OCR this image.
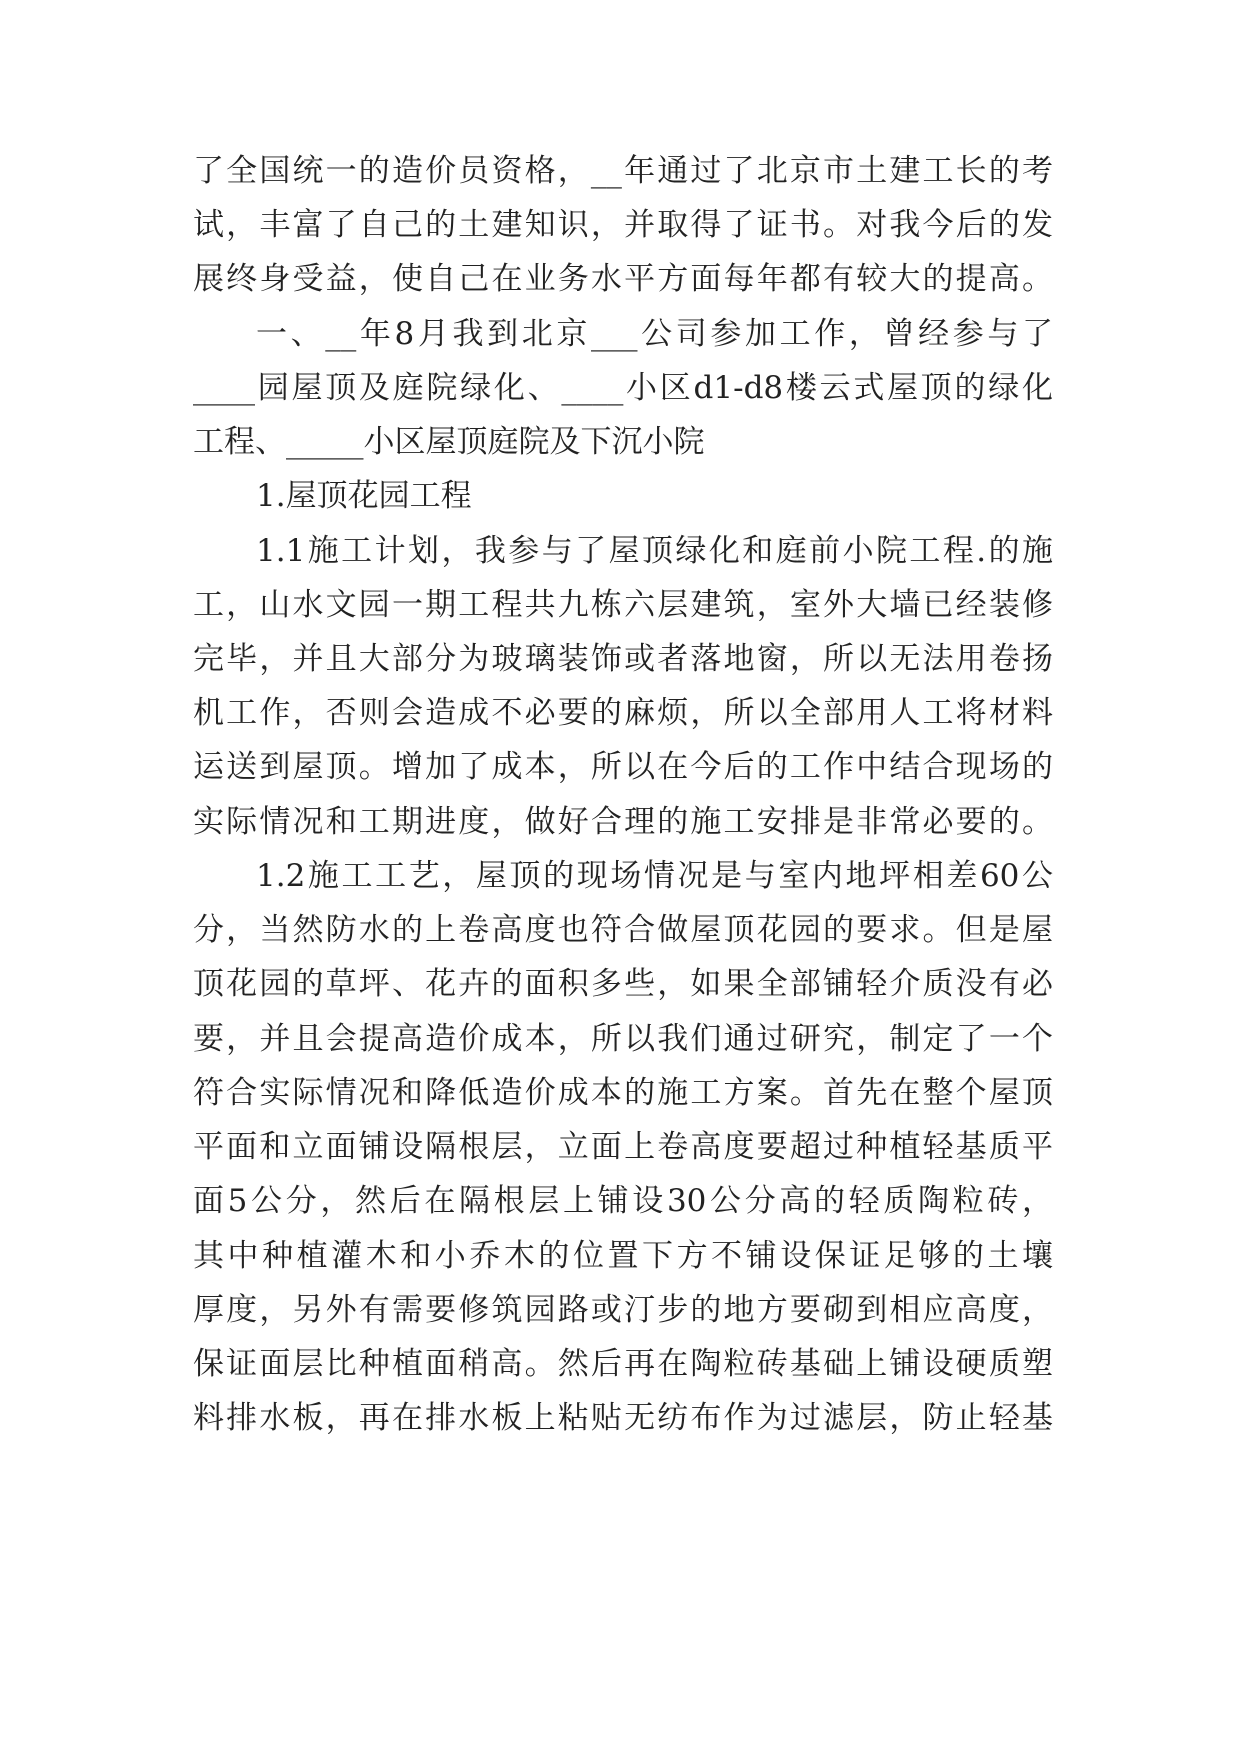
了全国统一的造价员资格，__年通过了北京市土建工长的考
试，丰富了自己的土建知识，并取得了证书。对我今后的发
展终身受益，使自己在业务水平方面每年都有较大的提高。
一、__年8月我到北京___公司参加工作，曾经参与了
____园屋顶及庭院绿化、____小区d1-d8楼云式屋顶的绿化
工程、_____小区屋顶庭院及下沉小院
1.屋顶花园工程
1.1施工计划，我参与了屋顶绿化和庭前小院工程.的施
工，山水文园一期工程共九栋六层建筑，室外大墙已经装修
完毕，并且大部分为玻璃装饰或者落地窗，所以无法用卷扬
机工作，否则会造成不必要的麻烦，所以全部用人工将材料
运送到屋顶。增加了成本，所以在今后的工作中结合现场的
实际情况和工期进度，做好合理的施工安排是非常必要的。
1.2施工工艺，屋顶的现场情况是与室内地坪相差60公
分，当然防水的上卷高度也符合做屋顶花园的要求。但是屋
顶花园的草坪、花卉的面积多些，如果全部铺轻介质没有必
要，并且会提高造价成本，所以我们通过研究，制定了一个
符合实际情况和降低造价成本的施工方案。首先在整个屋顶
平面和立面铺设隔根层，立面上卷高度要超过种植轻基质平
面5公分，然后在隔根层上铺设30公分高的轻质陶粒砖，
其中种植灌木和小乔木的位置下方不铺设保证足够的土壤
厚度，另外有需要修筑园路或汀步的地方要砌到相应高度，
保证面层比种植面稍高。然后再在陶粒砖基础上铺设硬质塑
料排水板，再在排水板上粘贴无纺布作为过滤层，防止轻基
